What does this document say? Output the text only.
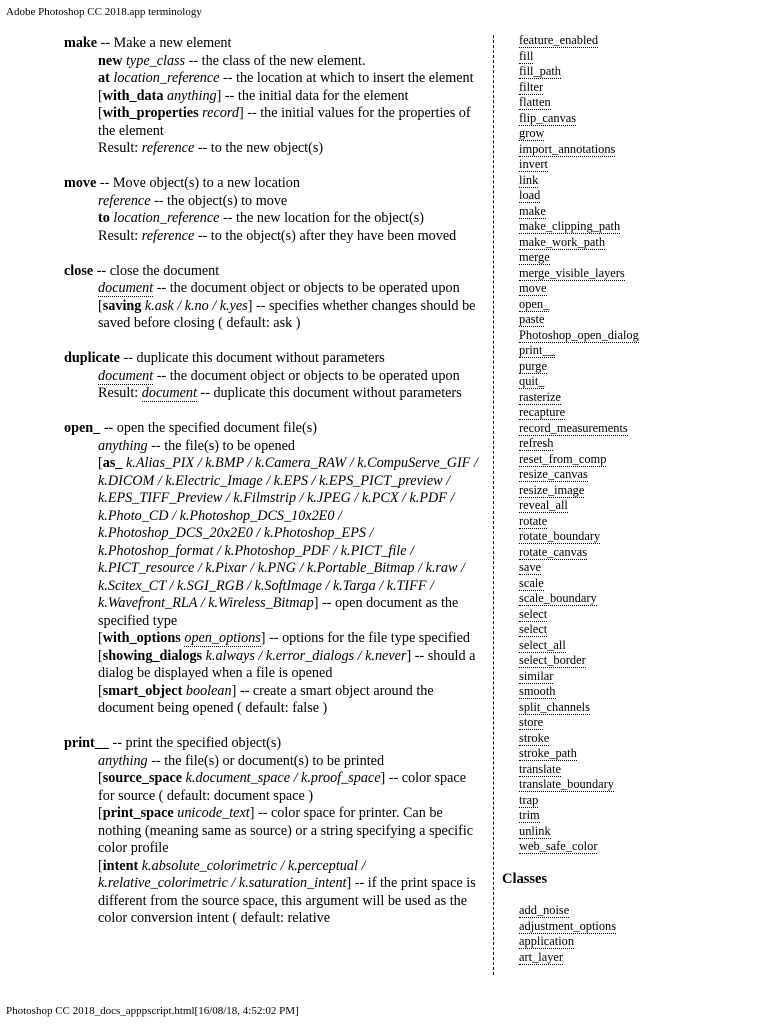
Adobe Photoshop CC 2018.app terminology
make -- Make a new element
new type_class -- the class of the new element.
at location_reference -- the location at which to insert the element
[with_data anything] -- the initial data for the element
[with_properties record] -- the initial values for the properties of the element
Result: reference -- to the new object(s)
move -- Move object(s) to a new location
reference -- the object(s) to move
to location_reference -- the new location for the object(s)
Result: reference -- to the object(s) after they have been moved
close -- close the document
document -- the document object or objects to be operated upon
[saving k.ask / k.no / k.yes] -- specifies whether changes should be saved before closing ( default: ask )
duplicate -- duplicate this document without parameters
document -- the document object or objects to be operated upon
Result: document -- duplicate this document without parameters
open_ -- open the specified document file(s)
anything -- the file(s) to be opened
[as_ k.Alias_PIX / k.BMP / k.Camera_RAW / k.CompuServe_GIF / k.DICOM / k.Electric_Image / k.EPS / k.EPS_PICT_preview / k.EPS_TIFF_Preview / k.Filmstrip / k.JPEG / k.PCX / k.PDF / k.Photo_CD / k.Photoshop_DCS_10x2E0 / k.Photoshop_DCS_20x2E0 / k.Photoshop_EPS / k.Photoshop_format / k.Photoshop_PDF / k.PICT_file / k.PICT_resource / k.Pixar / k.PNG / k.Portable_Bitmap / k.raw / k.Scitex_CT / k.SGI_RGB / k.SoftImage / k.Targa / k.TIFF / k.Wavefront_RLA / k.Wireless_Bitmap] -- open document as the specified type
[with_options open_options] -- options for the file type specified
[showing_dialogs k.always / k.error_dialogs / k.never] -- should a dialog be displayed when a file is opened
[smart_object boolean] -- create a smart object around the document being opened ( default: false )
print__ -- print the specified object(s)
anything -- the file(s) or document(s) to be printed
[source_space k.document_space / k.proof_space] -- color space for source ( default: document space )
[print_space unicode_text] -- color space for printer. Can be nothing (meaning same as source) or a string specifying a specific color profile
[intent k.absolute_colorimetric / k.perceptual / k.relative_colorimetric / k.saturation_intent] -- if the print space is different from the source space, this argument will be used as the color conversion intent ( default: relative
feature_enabled
fill
fill_path
filter
flatten
flip_canvas
grow
import_annotations
invert
link
load
make
make_clipping_path
make_work_path
merge
merge_visible_layers
move
open_
paste
Photoshop_open_dialog
print__
purge
quit_
rasterize
recapture
record_measurements
refresh
reset_from_comp
resize_canvas
resize_image
reveal_all
rotate
rotate_boundary
rotate_canvas
save
scale
scale_boundary
select
select
select_all
select_border
similar
smooth
split_channels
store
stroke
stroke_path
translate
translate_boundary
trap
trim
unlink
web_safe_color
Classes
add_noise
adjustment_options
application
art_layer
Photoshop CC 2018_docs_apppscript.html[16/08/18, 4:52:02 PM]
